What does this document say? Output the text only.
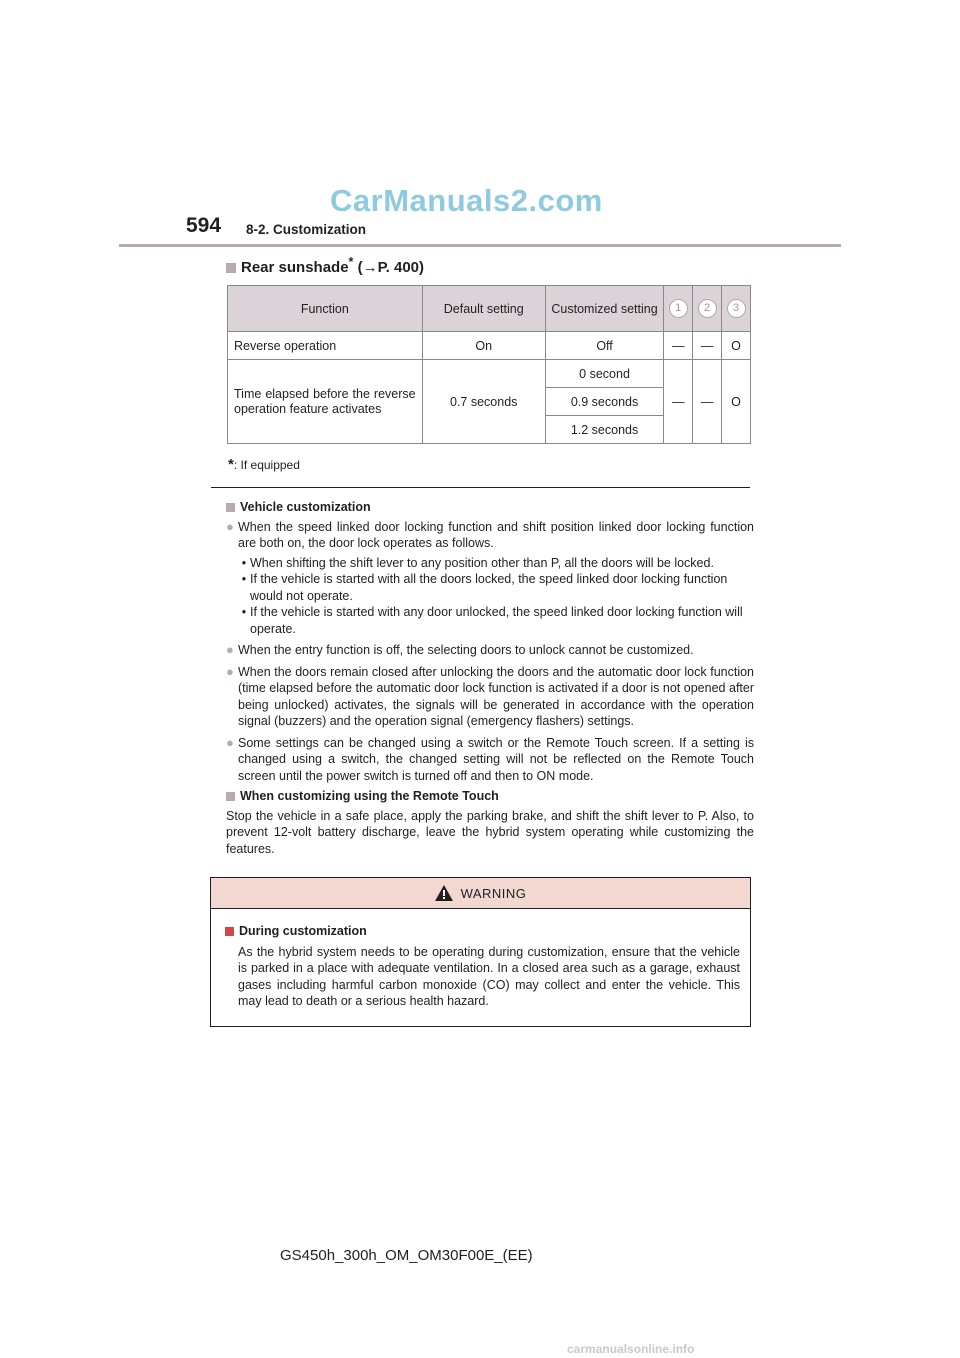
CarManuals2.com
594 8-2. Customization
Rear sunshade* (→P. 400)
Function	Default setting	Customized setting	1	2	3
Reverse operation	On	Off	—	—	O
Time elapsed before the reverse operation feature activates	0.7 seconds	0 second	—	—	O
		0.9 seconds			
		1.2 seconds			
*: If equipped

Vehicle customization

● When the speed linked door locking function and shift position linked door locking function are both on, the door lock operates as follows.
• When shifting the shift lever to any position other than P, all the doors will be locked.
• If the vehicle is started with all the doors locked, the speed linked door locking function would not operate.
• If the vehicle is started with any door unlocked, the speed linked door locking function will operate.
● When the entry function is off, the selecting doors to unlock cannot be customized.
● When the doors remain closed after unlocking the doors and the automatic door lock function (time elapsed before the automatic door lock function is activated if a door is not opened after being unlocked) activates, the signals will be generated in accordance with the operation signal (buzzers) and the operation signal (emergency flashers) settings.
● Some settings can be changed using a switch or the Remote Touch screen. If a setting is changed using a switch, the changed setting will not be reflected on the Remote Touch screen until the power switch is turned off and then to ON mode.

When customizing using the Remote Touch

Stop the vehicle in a safe place, apply the parking brake, and shift the shift lever to P. Also, to prevent 12-volt battery discharge, leave the hybrid system operating while customizing the features.

WARNING
During customization
As the hybrid system needs to be operating during customization, ensure that the vehicle is parked in a place with adequate ventilation. In a closed area such as a garage, exhaust gases including harmful carbon monoxide (CO) may collect and enter the vehicle. This may lead to death or a serious health hazard.
GS450h_300h_OM_OM30F00E_(EE)
carmanualsonline.info
